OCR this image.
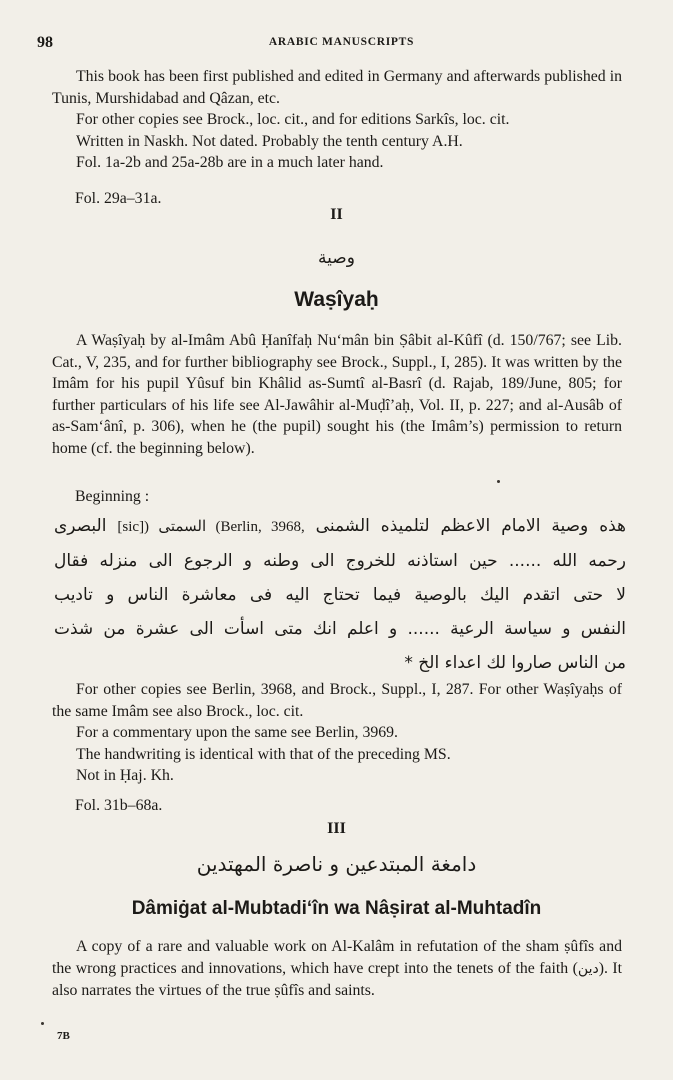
98	ARABIC MANUSCRIPTS

This book has been first published and edited in Germany and afterwards published in Tunis, Murshidabad and Qâzan, etc.

For other copies see Brock., loc. cit., and for editions Sarkîs, loc. cit.

Written in Naskh. Not dated. Probably the tenth century A.H.

Fol. 1a-2b and 25a-28b are in a much later hand.

Fol. 29a–31a.
II
وصية
Waṣîyaḥ

A Waṣîyaḥ by al-Imâm Abû Ḥanîfaḥ Nu‘mân bin Ṣâbit al-Kûfî (d. 150/767; see Lib. Cat., V, 235, and for further bibliography see Brock., Suppl., I, 285). It was written by the Imâm for his pupil Yûsuf bin Khâlid as-Sumtî al-Basrî (d. Rajab, 189/June, 805; for further particulars of his life see Al-Jawâhir al-Muḍî’aḥ, Vol. II, p. 227; and al-Ausâb of as-Sam‘ânî, p. 306), when he (the pupil) sought his (the Imâm’s) permission to return home (cf. the beginning below).

Beginning :
هذه وصية الامام الاعظم لتلميذه الشمنى [sic]) السمتى (Berlin, 3968, البصرى
رحمه الله ...... حين استاذنه للخروج الى وطنه و الرجوع الى منزله فقال
لا حتى اتقدم اليك بالوصية فيما تحتاج اليه فى معاشرة الناس و تاديب
النفس و سياسة الرعية ...... و اعلم انك متى اسأت الى عشرة من شذت
من الناس صاروا لك اعداء الخ *

For other copies see Berlin, 3968, and Brock., Suppl., I, 287. For other Waṣîyaḥs of the same Imâm see also Brock., loc. cit.

For a commentary upon the same see Berlin, 3969.

The handwriting is identical with that of the preceding MS.

Not in Ḥaj. Kh.

Fol. 31b–68a.
III
دامغة المبتدعين و ناصرة المهتدين
Dâmiġat al-Mubtadi‘în wa Nâṣirat al-Muhtadîn

A copy of a rare and valuable work on Al-Kalâm in refutation of the sham ṣûfîs and the wrong practices and innovations, which have crept into the tenets of the faith (دين). It also narrates the virtues of the true ṣûfîs and saints.

7B
